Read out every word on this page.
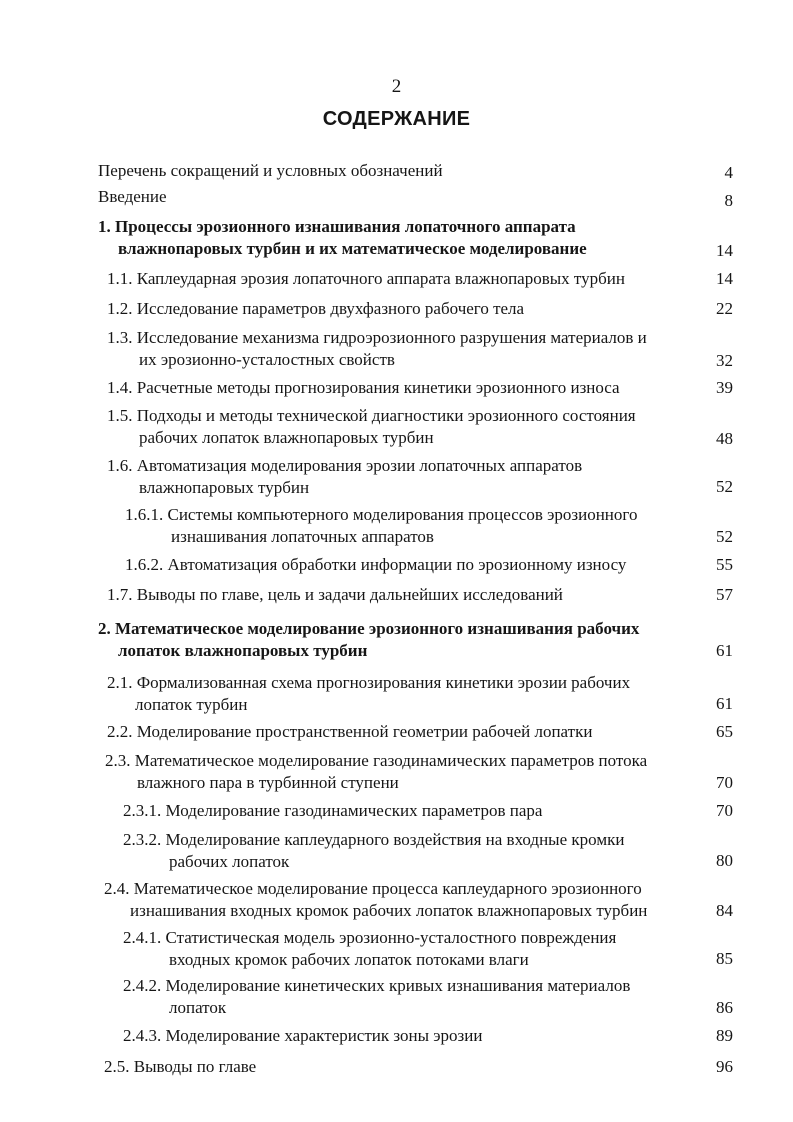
2
СОДЕРЖАНИЕ
Перечень сокращений и условных обозначений	4
Введение	8
1. Процессы эрозионного изнашивания лопаточного аппарата
влажнопаровых турбин и их математическое моделирование	14
1.1. Каплеударная эрозия лопаточного аппарата влажнопаровых турбин	14
1.2. Исследование параметров двухфазного рабочего тела	22
1.3. Исследование механизма гидроэрозионного разрушения материалов и
их эрозионно-усталостных свойств	32
1.4. Расчетные методы прогнозирования кинетики эрозионного износа	39
1.5. Подходы и методы технической диагностики эрозионного состояния
рабочих лопаток влажнопаровых турбин	48
1.6. Автоматизация моделирования эрозии лопаточных аппаратов
влажнопаровых турбин	52
1.6.1. Системы компьютерного моделирования процессов эрозионного
изнашивания лопаточных аппаратов	52
1.6.2. Автоматизация обработки информации по эрозионному износу	55
1.7. Выводы по главе, цель и задачи дальнейших исследований	57
2. Математическое моделирование эрозионного изнашивания рабочих
лопаток влажнопаровых турбин	61
2.1. Формализованная схема прогнозирования кинетики эрозии рабочих
лопаток турбин	61
2.2. Моделирование пространственной геометрии рабочей лопатки	65
2.3. Математическое моделирование газодинамических параметров потока
влажного пара в турбинной ступени	70
2.3.1. Моделирование газодинамических параметров пара	70
2.3.2. Моделирование каплеударного воздействия на входные кромки
рабочих лопаток	80
2.4. Математическое моделирование процесса каплеударного эрозионного
изнашивания входных кромок рабочих лопаток влажнопаровых турбин	84
2.4.1. Статистическая модель эрозионно-усталостного повреждения
входных кромок рабочих лопаток потоками влаги	85
2.4.2. Моделирование кинетических кривых изнашивания материалов
лопаток	86
2.4.3. Моделирование характеристик зоны эрозии	89
2.5. Выводы по главе	96
